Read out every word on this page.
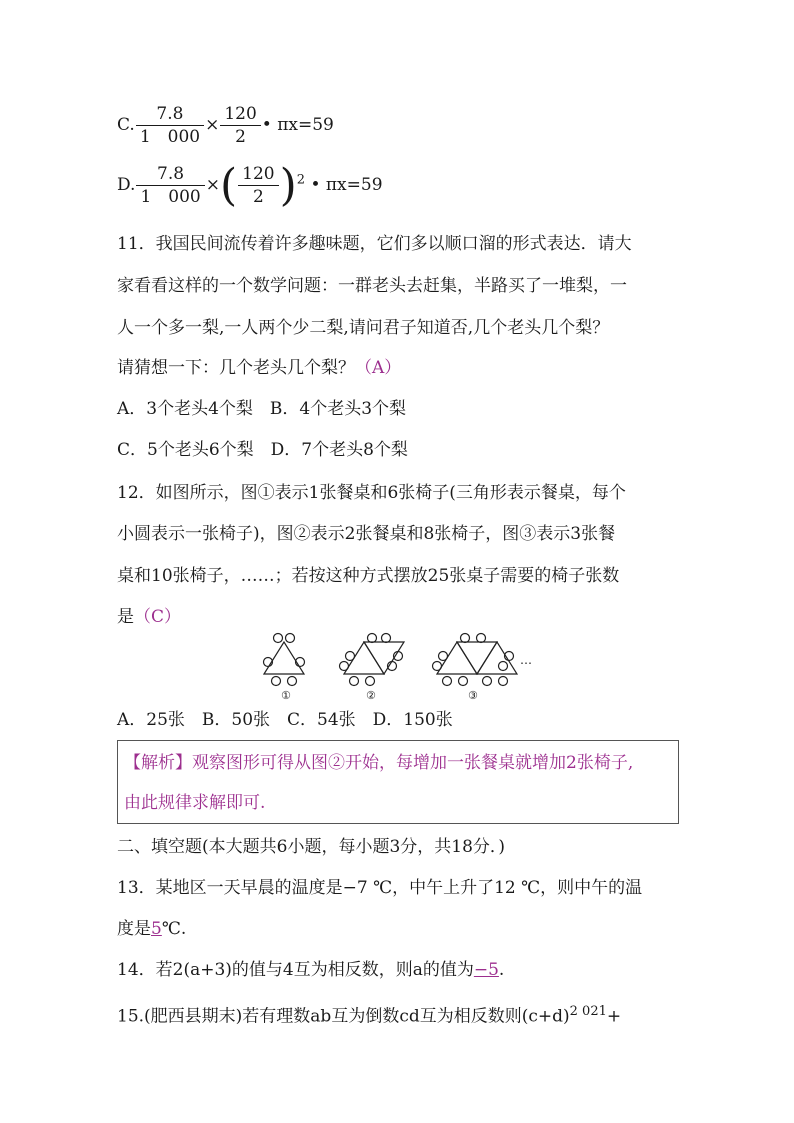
C. $\frac{7.8}{1 000} \times \frac{120}{2}$ • πx=59
D. $\frac{7.8}{1 000}$ ×( $\frac{120}{2} )^2$ • πx=59
11．我国民间流传着许多趣味题，它们多以顺口溜的形式表达．请大
家看看这样的一个数学问题：一群老头去赶集，半路买了一堆梨，一
人一个多一梨,一人两个少二梨,请问君子知道否,几个老头几个梨？
请猜想一下：几个老头几个梨？（A）
A．3个老头4个梨　B．4个老头3个梨
C．5个老头6个梨　D．7个老头8个梨
12．如图所示，图①表示1张餐桌和6张椅子(三角形表示餐桌，每个
小圆表示一张椅子)，图②表示2张餐桌和8张椅子，图③表示3张餐
桌和10张椅子，……；若按这种方式摆放25张桌子需要的椅子张数
是（C）
①	②	③
…
A．25张　B．50张　C．54张　D．150张
【解析】观察图形可得从图②开始，每增加一张餐桌就增加2张椅子,
由此规律求解即可.
二、填空题(本大题共6小题，每小题3分，共18分．)
13．某地区一天早晨的温度是−7 ℃，中午上升了12 ℃，则中午的温
度是5℃.
14．若2(a+3)的值与4互为相反数，则a的值为−5.
15.(肥西县期末)若有理数ab互为倒数cd互为相反数则$(c+d)^{2 021}+$
